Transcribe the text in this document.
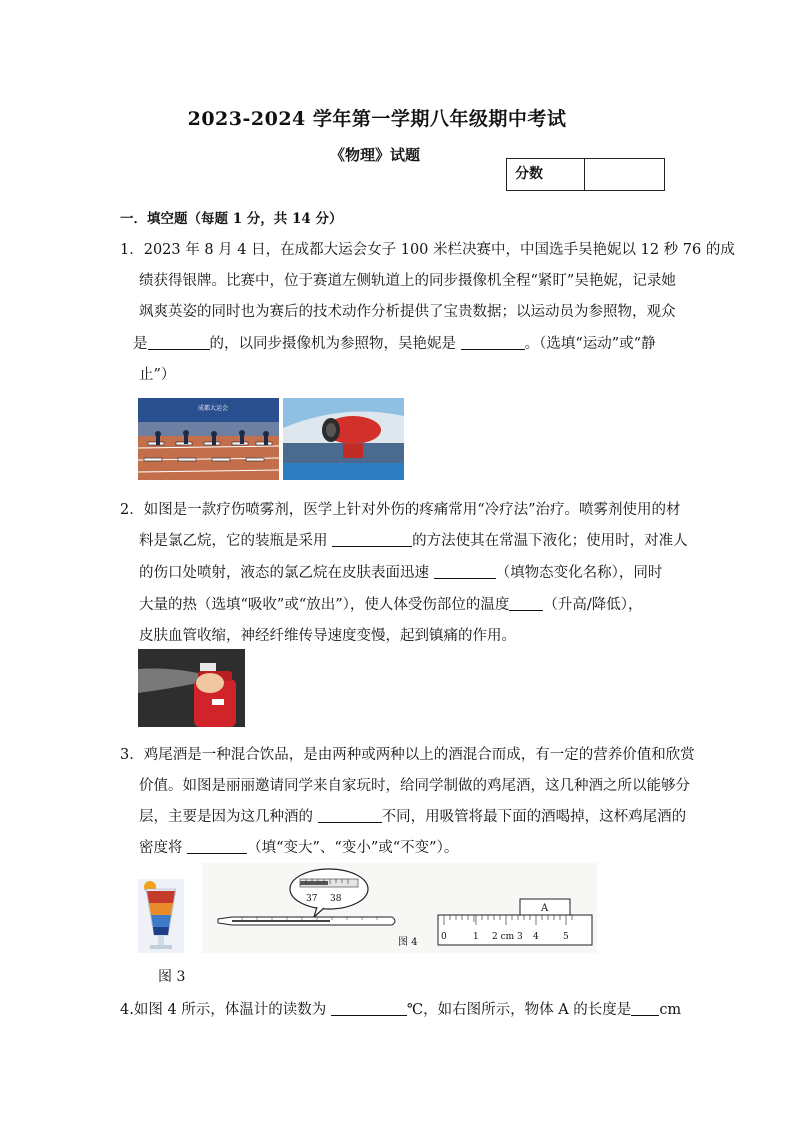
2023-2024 学年第一学期八年级期中考试
《物理》试题
分数
一．填空题（每题 1 分，共 14 分）
1．2023 年 8 月 4 日，在成都大运会女子 100 米栏决赛中，中国选手吴艳妮以 12 秒 76 的成
绩获得银牌。比赛中，位于赛道左侧轨道上的同步摄像机全程“紧盯”吴艳妮，记录她
飒爽英姿的同时也为赛后的技术动作分析提供了宝贵数据；以运动员为参照物，观众
是	的，以同步摄像机为参照物，吴艳妮是	。（选填“运动”或“静
止”）
成都大运会
2．如图是一款疗伤喷雾剂，医学上针对外伤的疼痛常用“冷疗法”治疗。喷雾剂使用的材
料是氯乙烷，它的装瓶是采用	的方法使其在常温下液化；使用时，对准人
的伤口处喷射，液态的氯乙烷在皮肤表面迅速	（填物态变化名称），同时
大量的热（选填“吸收”或“放出”），使人体受伤部位的温度 （升高/降低），
皮肤血管收缩，神经纤维传导速度变慢，起到镇痛的作用。
3．鸡尾酒是一种混合饮品，是由两种或两种以上的酒混合而成，有一定的营养价值和欣赏
价值。如图是丽丽邀请同学来自家玩时，给同学制做的鸡尾酒，这几种酒之所以能够分
层，主要是因为这几种酒的	不同，用吸管将最下面的酒喝掉，这杯鸡尾酒的
密度将	（填“变大”、“变小”或“不变”）。
图 3
37 38
图 4	0	1 2 cm 3 4	5
A
4.如图 4 所示，体温计的读数为	℃，如右图所示，物体 A 的长度是 cm
